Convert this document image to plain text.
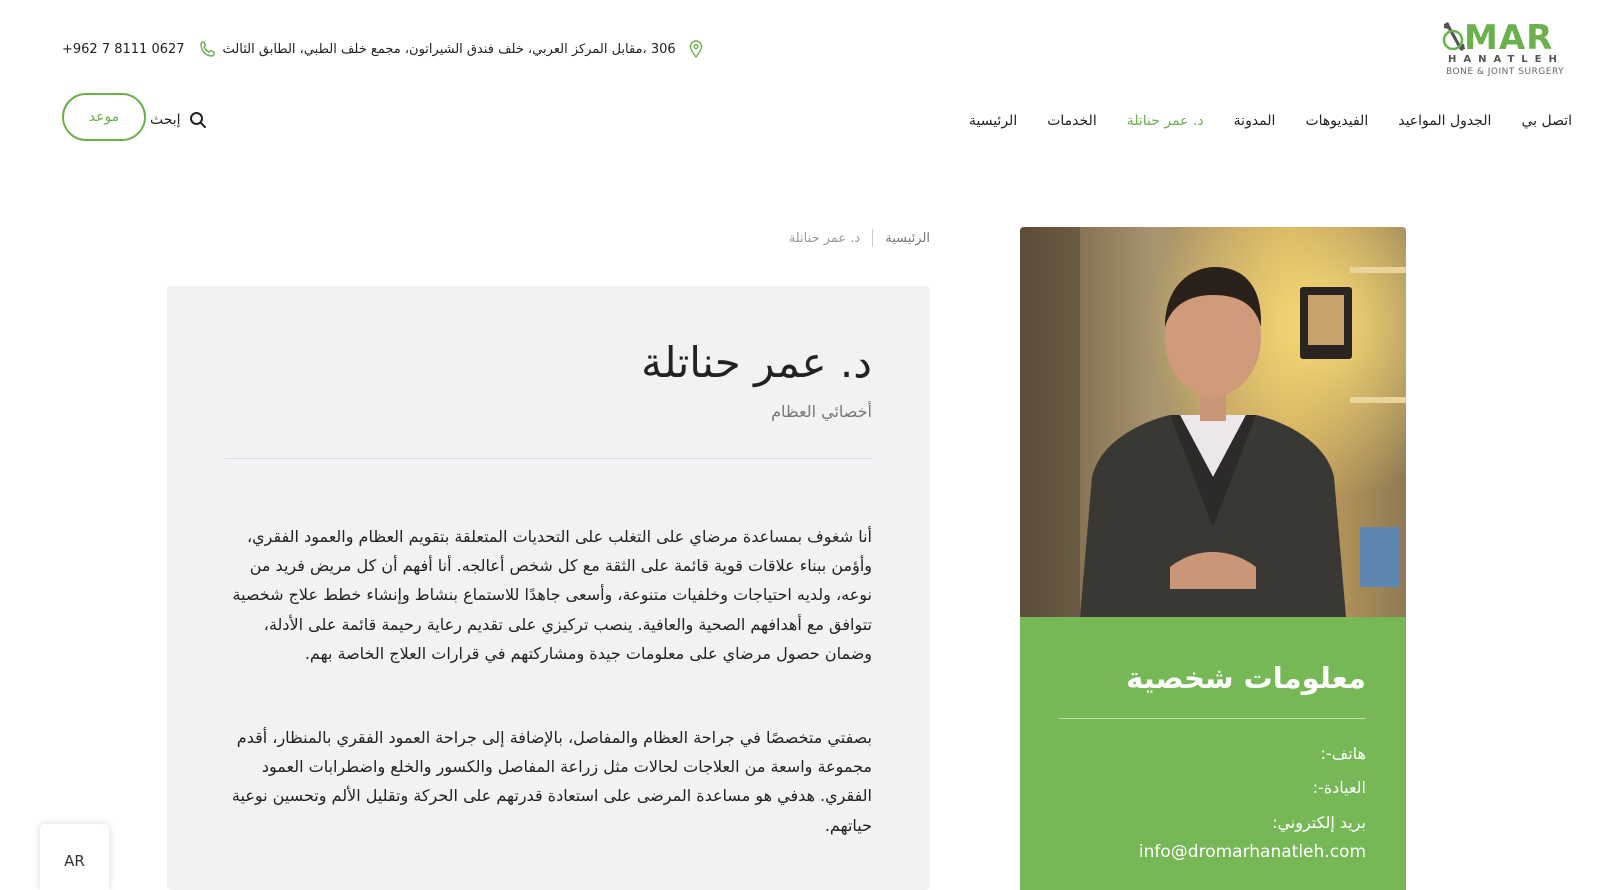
MAR
HANATLEH
BONE & JOINT SURGERY
+962 7 8111 0627	306 ،مقابل المركز العربي، خلف فندق الشيراتون، مجمع خلف الطبي، الطابق الثالث
الرئيسية الخدمات د. عمر حناتلة المدونة الفيديوهات الجدول المواعيد اتصل بي
إبحث
موعد
الرئيسية
د. عمر حناتلة
د. عمر حناتلة
أخصائي العظام

أنا شغوف بمساعدة مرضاي على التغلب على التحديات المتعلقة بتقويم العظام والعمود الفقري، وأؤمن ببناء علاقات قوية قائمة على الثقة مع كل شخص أعالجه. أنا أفهم أن كل مريض فريد من نوعه، ولديه احتياجات وخلفيات متنوعة، وأسعى جاهدًا للاستماع بنشاط وإنشاء خطط علاج شخصية تتوافق مع أهدافهم الصحية والعافية. ينصب تركيزي على تقديم رعاية رحيمة قائمة على الأدلة، وضمان حصول مرضاي على معلومات جيدة ومشاركتهم في قرارات العلاج الخاصة بهم.

بصفتي متخصصًا في جراحة العظام والمفاصل، بالإضافة إلى جراحة العمود الفقري بالمنظار، أقدم مجموعة واسعة من العلاجات لحالات مثل زراعة المفاصل والكسور والخلع واضطرابات العمود الفقري. هدفي هو مساعدة المرضى على استعادة قدرتهم على الحركة وتقليل الألم وتحسين نوعية حياتهم.

معلومات شخصية
هاتف-:
العيادة-:
بريد إلكتروني:
info@dromarhanatleh.com
AR
